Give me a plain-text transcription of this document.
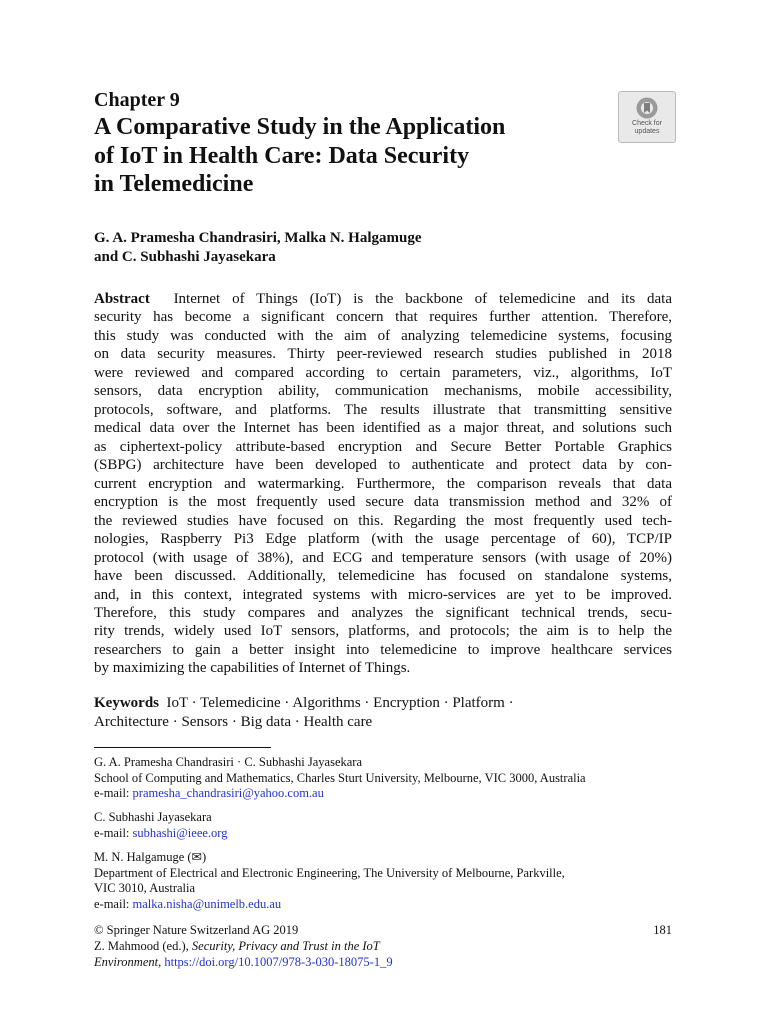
Chapter 9
A Comparative Study in the Application
of IoT in Health Care: Data Security
in Telemedicine
Check for
updates
G. A. Pramesha Chandrasiri, Malka N. Halgamuge
and C. Subhashi Jayasekara
Abstract Internet of Things (IoT) is the backbone of telemedicine and its data
security has become a significant concern that requires further attention. Therefore,
this study was conducted with the aim of analyzing telemedicine systems, focusing
on data security measures. Thirty peer-reviewed research studies published in 2018
were reviewed and compared according to certain parameters, viz., algorithms, IoT
sensors, data encryption ability, communication mechanisms, mobile accessibility,
protocols, software, and platforms. The results illustrate that transmitting sensitive
medical data over the Internet has been identified as a major threat, and solutions such
as ciphertext-policy attribute-based encryption and Secure Better Portable Graphics
(SBPG) architecture have been developed to authenticate and protect data by con-
current encryption and watermarking. Furthermore, the comparison reveals that data
encryption is the most frequently used secure data transmission method and 32% of
the reviewed studies have focused on this. Regarding the most frequently used tech-
nologies, Raspberry Pi3 Edge platform (with the usage percentage of 60), TCP/IP
protocol (with usage of 38%), and ECG and temperature sensors (with usage of 20%)
have been discussed. Additionally, telemedicine has focused on standalone systems,
and, in this context, integrated systems with micro-services are yet to be improved.
Therefore, this study compares and analyzes the significant technical trends, secu-
rity trends, widely used IoT sensors, platforms, and protocols; the aim is to help the
researchers to gain a better insight into telemedicine to improve healthcare services
by maximizing the capabilities of Internet of Things.
Keywords IoT · Telemedicine · Algorithms · Encryption · Platform ·
Architecture · Sensors · Big data · Health care
G. A. Pramesha Chandrasiri · C. Subhashi Jayasekara
School of Computing and Mathematics, Charles Sturt University, Melbourne, VIC 3000, Australia
e-mail: pramesha_chandrasiri@yahoo.com.au
C. Subhashi Jayasekara
e-mail: subhashi@ieee.org
M. N. Halgamuge (✉)
Department of Electrical and Electronic Engineering, The University of Melbourne, Parkville,
VIC 3010, Australia
e-mail: malka.nisha@unimelb.edu.au
© Springer Nature Switzerland AG 2019	181
Z. Mahmood (ed.), Security, Privacy and Trust in the IoT
Environment, https://doi.org/10.1007/978-3-030-18075-1_9
